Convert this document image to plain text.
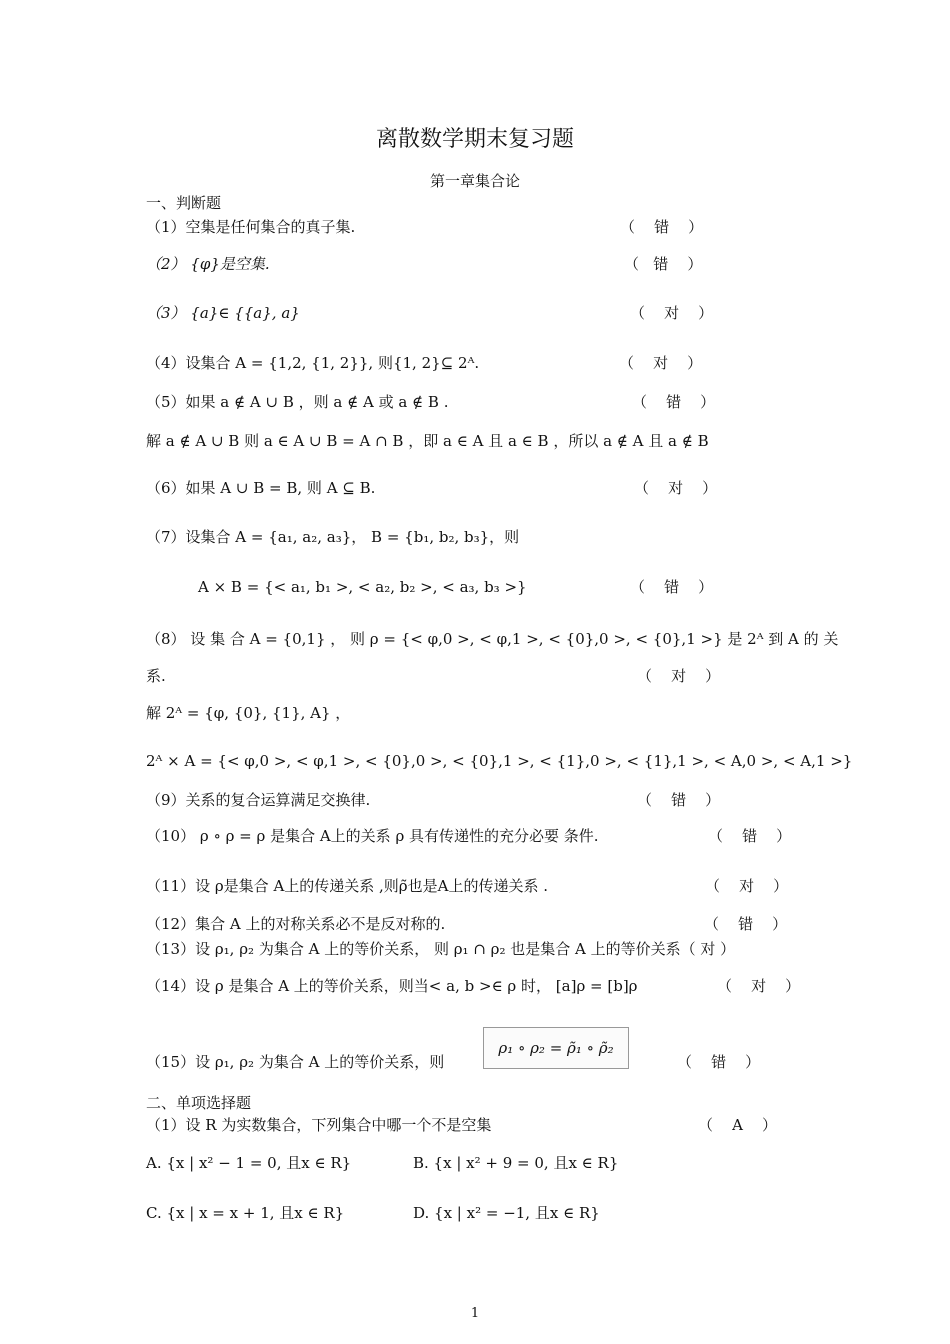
离散数学期末复习题
第一章集合论
一、判断题
（1）空集是任何集合的真子集.	（    错    ）
（2） {φ}是空集.	（   错    ）
（3） {a}∈ {{a}, a}	（    对    ）
（4）设集合 A = {1,2, {1, 2}}, 则{1, 2}⊆ 2ᴬ.	（    对    ）
（5）如果 a ∉ A ∪ B ，则 a ∉ A 或 a ∉ B .	（    错    ）
解 a ∉ A ∪ B 则 a ∈ A ∪ B = A ∩ B ，即 a ∈ A 且 a ∈ B ，所以 a ∉ A 且 a ∉ B
（6）如果 A ∪ B = B, 则 A ⊆ B.	（    对    ）
（7）设集合 A = {a₁, a₂, a₃}， B = {b₁, b₂, b₃}，则
A × B = {< a₁, b₁ >, < a₂, b₂ >, < a₃, b₃ >}	（    错    ）
（8） 设 集 合 A = {0,1} ， 则 ρ = {< φ,0 >, < φ,1 >, < {0},0 >, < {0},1 >} 是 2ᴬ 到 A 的 关
系.	（    对    ）
解 2ᴬ = {φ, {0}, {1}, A} ，
2ᴬ × A = {< φ,0 >, < φ,1 >, < {0},0 >, < {0},1 >, < {1},0 >, < {1},1 >, < A,0 >, < A,1 >}
（9）关系的复合运算满足交换律.	（    错    ）
（10） ρ ∘ ρ = ρ 是集合 A上的关系 ρ 具有传递性的充分必要 条件.	（    错    ）
（11）设 ρ是集合 A上的传递关系 ,则ρ̃也是A上的传递关系 .	（    对    ）
（12）集合 A 上的对称关系必不是反对称的.	（    错    ）
（13）设 ρ₁, ρ₂ 为集合 A 上的等价关系， 则 ρ₁ ∩ ρ₂ 也是集合 A 上的等价关系（ 对 ）
（14）设 ρ 是集合 A 上的等价关系，则当< a, b >∈ ρ 时， [a]ρ = [b]ρ	（    对    ）
（15）设 ρ₁, ρ₂ 为集合 A 上的等价关系，则
ρ₁ ∘ ρ₂ = ρ̃₁ ∘ ρ̃₂
（    错    ）
二、单项选择题
（1）设 R 为实数集合，下列集合中哪一个不是空集	（    A    ）
A. {x | x² − 1 = 0, 且x ∈ R}	B. {x | x² + 9 = 0, 且x ∈ R}
C. {x | x = x + 1, 且x ∈ R}	D. {x | x² = −1, 且x ∈ R}
1
